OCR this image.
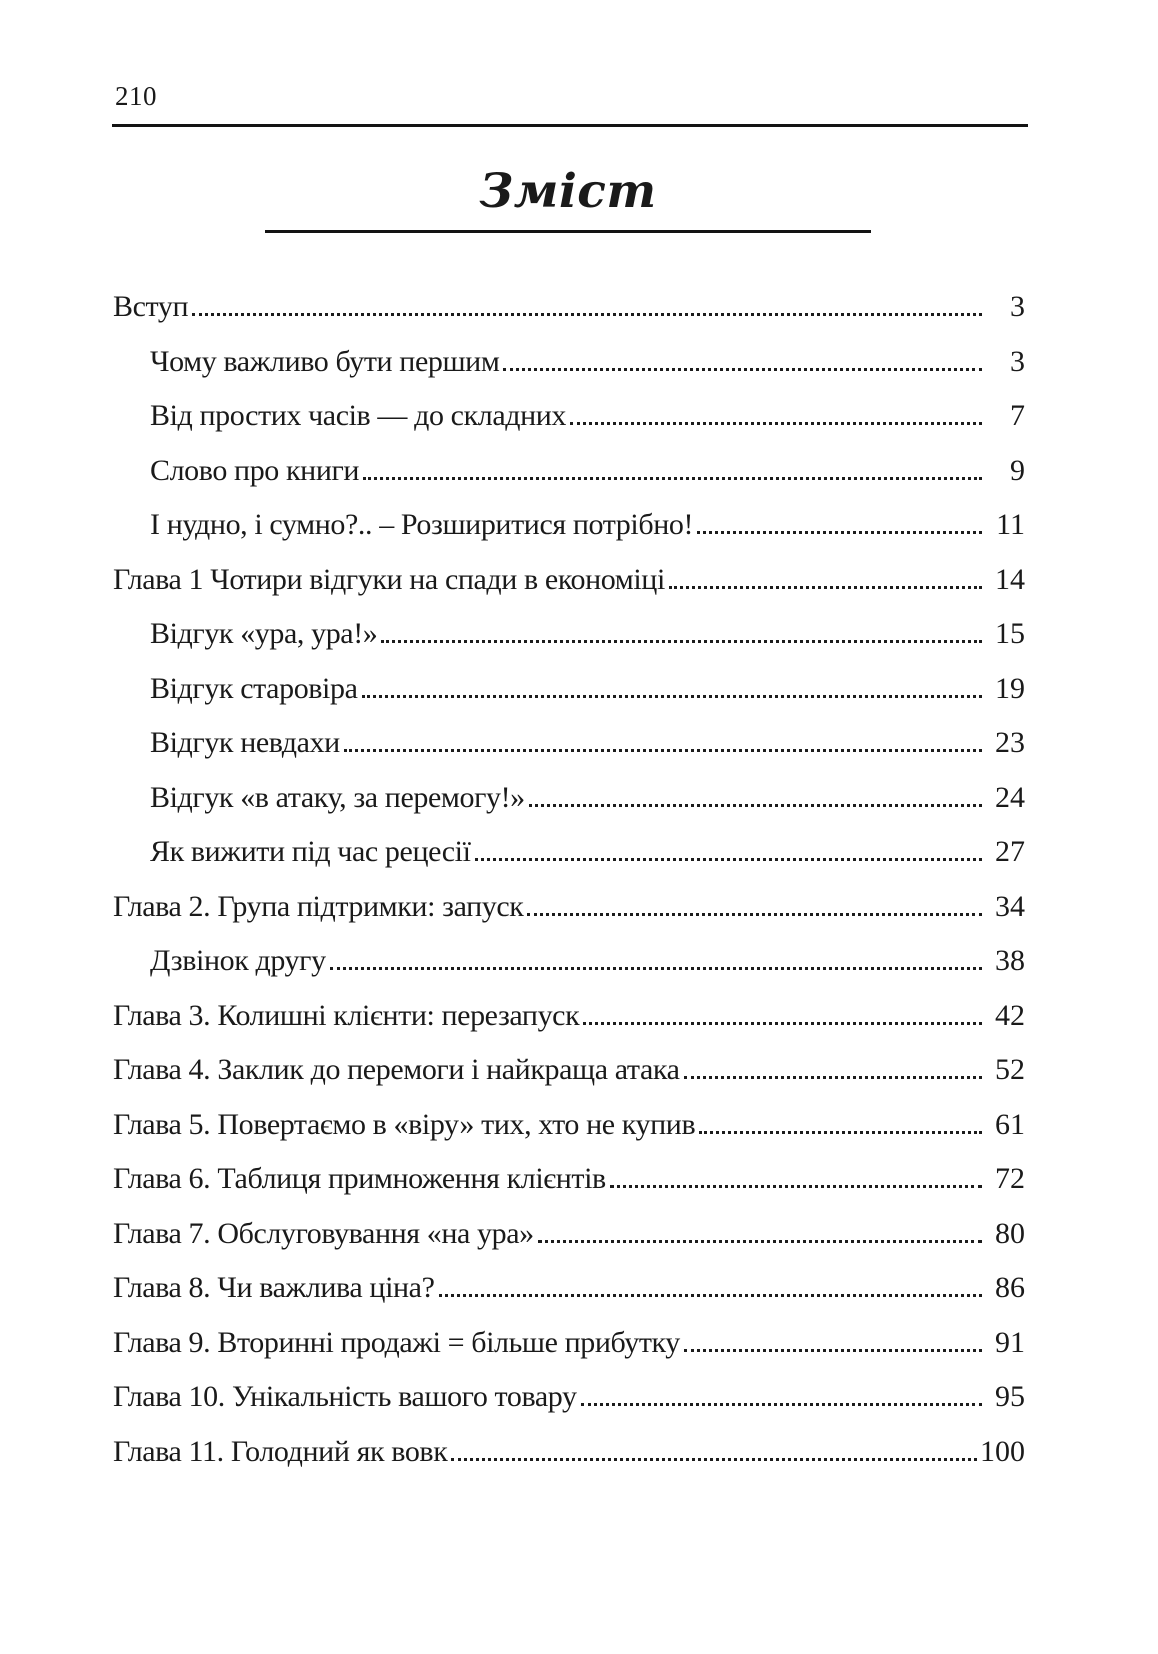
210
Зміст
Вступ	3
Чому важливо бути першим	3
Від простих часів — до складних	7
Слово про книги	9
І нудно, і сумно?.. – Розширитися потрібно!	11
Глава 1 Чотири відгуки на спади в економіці	14
Відгук «ура, ура!»	15
Відгук старовіра	19
Відгук невдахи	23
Відгук «в атаку, за перемогу!»	24
Як вижити під час рецесії	27
Глава 2. Група підтримки: запуск	34
Дзвінок другу	38
Глава 3. Колишні клієнти: перезапуск	42
Глава 4. Заклик до перемоги і найкраща атака	52
Глава 5. Повертаємо в «віру» тих, хто не купив	61
Глава 6. Таблиця примноження клієнтів	72
Глава 7. Обслуговування «на ура»	80
Глава 8. Чи важлива ціна?	86
Глава 9. Вторинні продажі = більше прибутку	91
Глава 10. Унікальність вашого товару	95
Глава 11. Голодний як вовк	100
